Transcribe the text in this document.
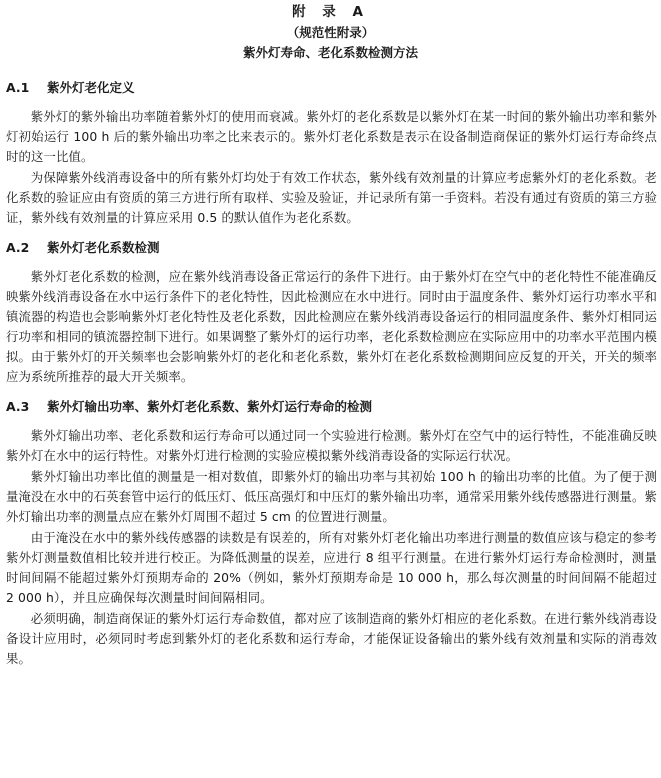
附 录 A

（规范性附录）

紫外灯寿命、老化系数检测方法

A.1	紫外灯老化定义

紫外灯的紫外输出功率随着紫外灯的使用而衰减。紫外灯的老化系数是以紫外灯在某一时间的紫外输出功率和紫外灯初始运行 100 h 后的紫外输出功率之比来表示的。紫外灯老化系数是表示在设备制造商保证的紫外灯运行寿命终点时的这一比值。

为保障紫外线消毒设备中的所有紫外灯均处于有效工作状态，紫外线有效剂量的计算应考虑紫外灯的老化系数。老化系数的验证应由有资质的第三方进行所有取样、实验及验证，并记录所有第一手资料。若没有通过有资质的第三方验证，紫外线有效剂量的计算应采用 0.5 的默认值作为老化系数。

A.2	紫外灯老化系数检测

紫外灯老化系数的检测，应在紫外线消毒设备正常运行的条件下进行。由于紫外灯在空气中的老化特性不能准确反映紫外线消毒设备在水中运行条件下的老化特性，因此检测应在水中进行。同时由于温度条件、紫外灯运行功率水平和镇流器的构造也会影响紫外灯老化特性及老化系数，因此检测应在紫外线消毒设备运行的相同温度条件、紫外灯相同运行功率和相同的镇流器控制下进行。如果调整了紫外灯的运行功率，老化系数检测应在实际应用中的功率水平范围内模拟。由于紫外灯的开关频率也会影响紫外灯的老化和老化系数，紫外灯在老化系数检测期间应反复的开关，开关的频率应为系统所推荐的最大开关频率。

A.3	紫外灯输出功率、紫外灯老化系数、紫外灯运行寿命的检测

紫外灯输出功率、老化系数和运行寿命可以通过同一个实验进行检测。紫外灯在空气中的运行特性，不能准确反映紫外灯在水中的运行特性。对紫外灯进行检测的实验应模拟紫外线消毒设备的实际运行状况。

紫外灯输出功率比值的测量是一相对数值，即紫外灯的输出功率与其初始 100 h 的输出功率的比值。为了便于测量淹没在水中的石英套管中运行的低压灯、低压高强灯和中压灯的紫外输出功率，通常采用紫外线传感器进行测量。紫外灯输出功率的测量点应在紫外灯周围不超过 5 cm 的位置进行测量。

由于淹没在水中的紫外线传感器的读数是有误差的，所有对紫外灯老化输出功率进行测量的数值应该与稳定的参考紫外灯测量数值相比较并进行校正。为降低测量的误差，应进行 8 组平行测量。在进行紫外灯运行寿命检测时，测量时间间隔不能超过紫外灯预期寿命的 20%（例如，紫外灯预期寿命是 10 000 h，那么每次测量的时间间隔不能超过 2 000 h），并且应确保每次测量时间间隔相同。

必须明确，制造商保证的紫外灯运行寿命数值，都对应了该制造商的紫外灯相应的老化系数。在进行紫外线消毒设备设计应用时，必须同时考虑到紫外灯的老化系数和运行寿命，才能保证设备输出的紫外线有效剂量和实际的消毒效果。
